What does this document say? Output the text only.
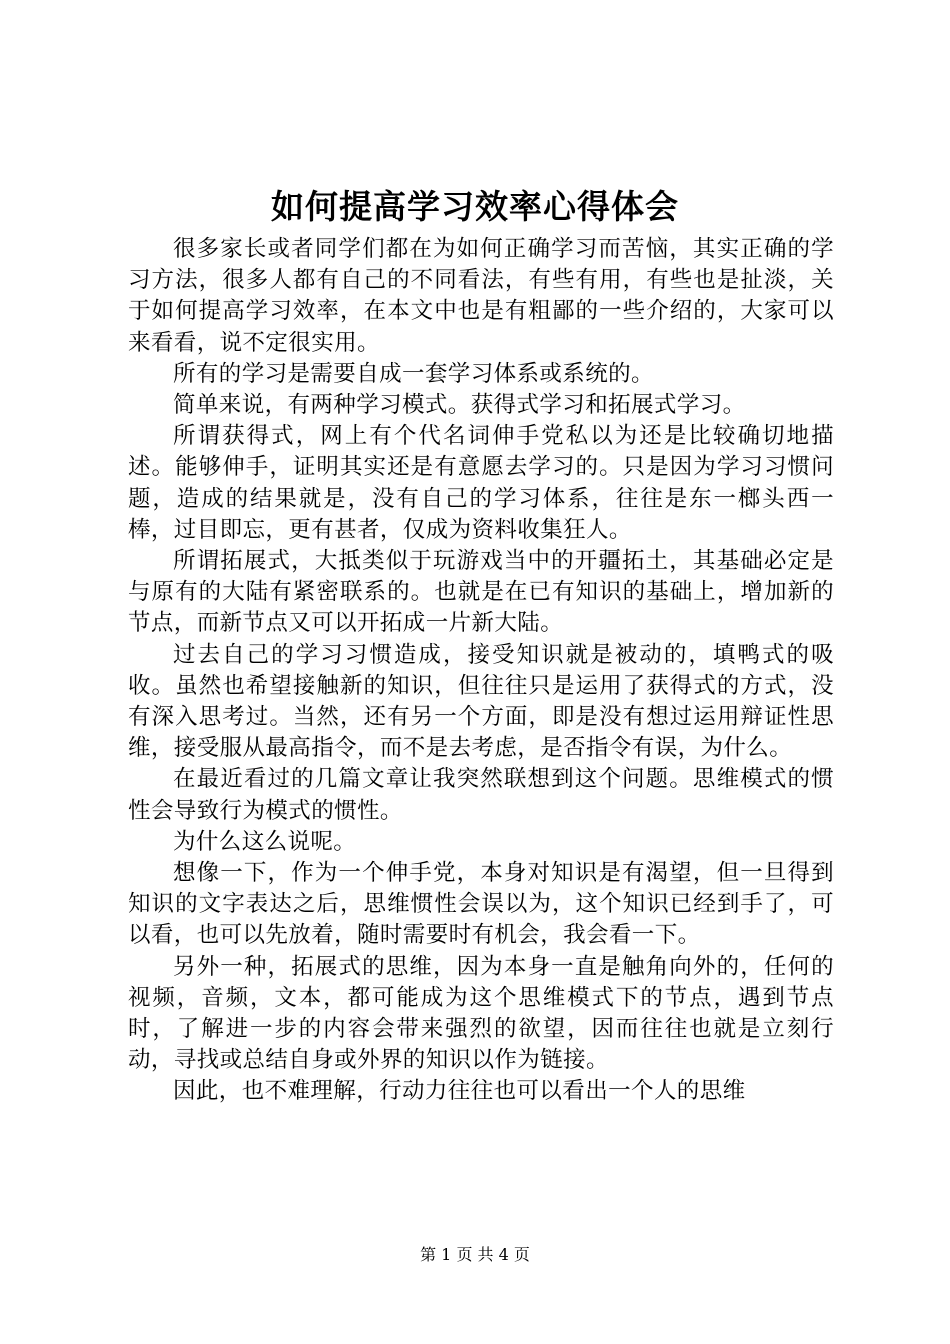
如何提高学习效率心得体会

很多家长或者同学们都在为如何正确学习而苦恼，其实正确的学习方法，很多人都有自己的不同看法，有些有用，有些也是扯淡，关于如何提高学习效率，在本文中也是有粗鄙的一些介绍的，大家可以来看看，说不定很实用。

所有的学习是需要自成一套学习体系或系统的。

简单来说，有两种学习模式。获得式学习和拓展式学习。

所谓获得式，网上有个代名词伸手党私以为还是比较确切地描述。能够伸手，证明其实还是有意愿去学习的。只是因为学习习惯问题，造成的结果就是，没有自己的学习体系，往往是东一榔头西一棒，过目即忘，更有甚者，仅成为资料收集狂人。

所谓拓展式，大抵类似于玩游戏当中的开疆拓土，其基础必定是与原有的大陆有紧密联系的。也就是在已有知识的基础上，增加新的节点，而新节点又可以开拓成一片新大陆。

过去自己的学习习惯造成，接受知识就是被动的，填鸭式的吸收。虽然也希望接触新的知识，但往往只是运用了获得式的方式，没有深入思考过。当然，还有另一个方面，即是没有想过运用辩证性思维，接受服从最高指令，而不是去考虑，是否指令有误，为什么。

在最近看过的几篇文章让我突然联想到这个问题。思维模式的惯性会导致行为模式的惯性。

为什么这么说呢。

想像一下，作为一个伸手党，本身对知识是有渴望，但一旦得到知识的文字表达之后，思维惯性会误以为，这个知识已经到手了，可以看，也可以先放着，随时需要时有机会，我会看一下。

另外一种，拓展式的思维，因为本身一直是触角向外的，任何的视频，音频，文本，都可能成为这个思维模式下的节点，遇到节点时，了解进一步的内容会带来强烈的欲望，因而往往也就是立刻行动，寻找或总结自身或外界的知识以作为链接。

因此，也不难理解，行动力往往也可以看出一个人的思维

第 1 页 共 4 页
